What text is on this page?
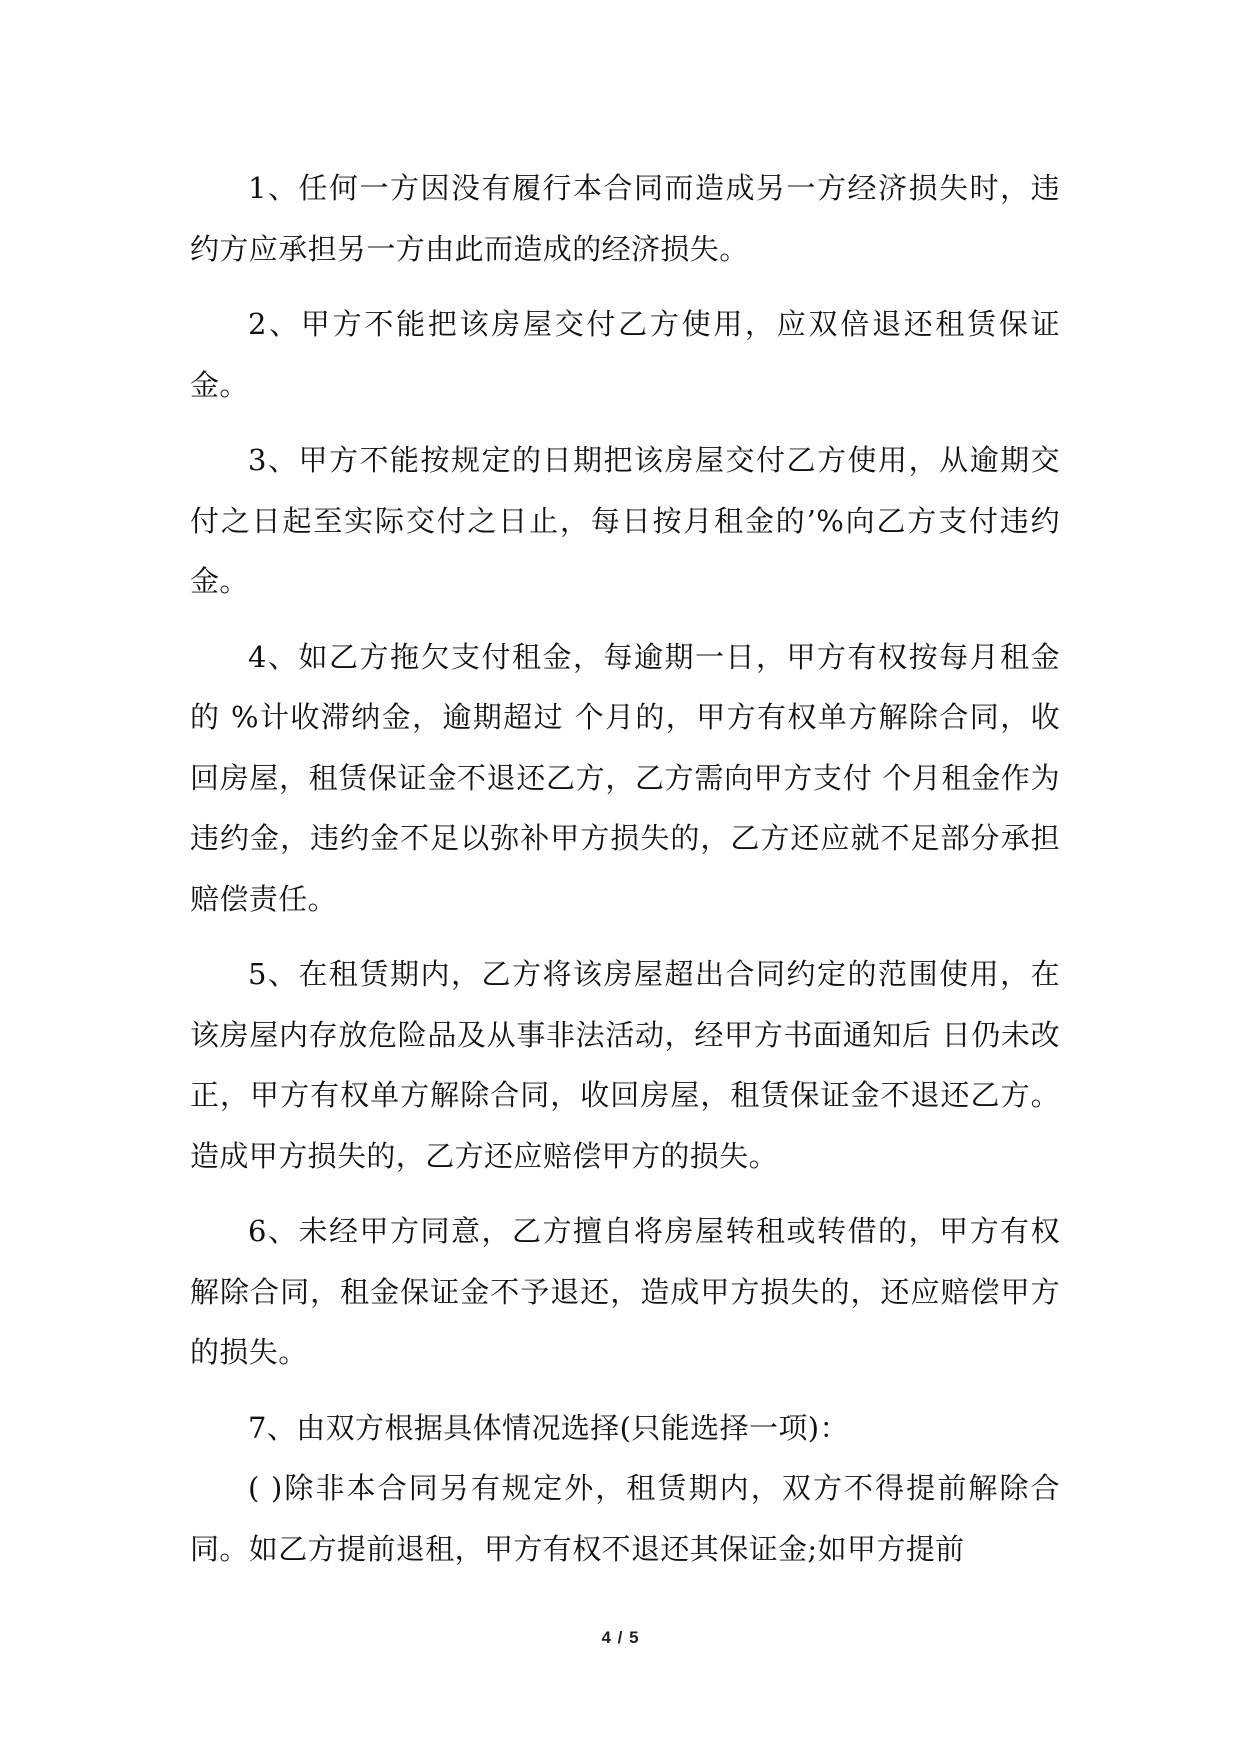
1、任何一方因没有履行本合同而造成另一方经济损失时，违约方应承担另一方由此而造成的经济损失。

2、甲方不能把该房屋交付乙方使用，应双倍退还租赁保证金。

3、甲方不能按规定的日期把该房屋交付乙方使用，从逾期交付之日起至实际交付之日止，每日按月租金的’%向乙方支付违约金。

4、如乙方拖欠支付租金，每逾期一日，甲方有权按每月租金的 %计收滞纳金，逾期超过 个月的，甲方有权单方解除合同，收回房屋，租赁保证金不退还乙方，乙方需向甲方支付 个月租金作为违约金，违约金不足以弥补甲方损失的，乙方还应就不足部分承担赔偿责任。

5、在租赁期内，乙方将该房屋超出合同约定的范围使用，在该房屋内存放危险品及从事非法活动，经甲方书面通知后 日仍未改正，甲方有权单方解除合同，收回房屋，租赁保证金不退还乙方。造成甲方损失的，乙方还应赔偿甲方的损失。

6、未经甲方同意，乙方擅自将房屋转租或转借的，甲方有权解除合同，租金保证金不予退还，造成甲方损失的，还应赔偿甲方的损失。

7、由双方根据具体情况选择(只能选择一项)：

( )除非本合同另有规定外，租赁期内，双方不得提前解除合同。如乙方提前退租，甲方有权不退还其保证金;如甲方提前

4 / 5
